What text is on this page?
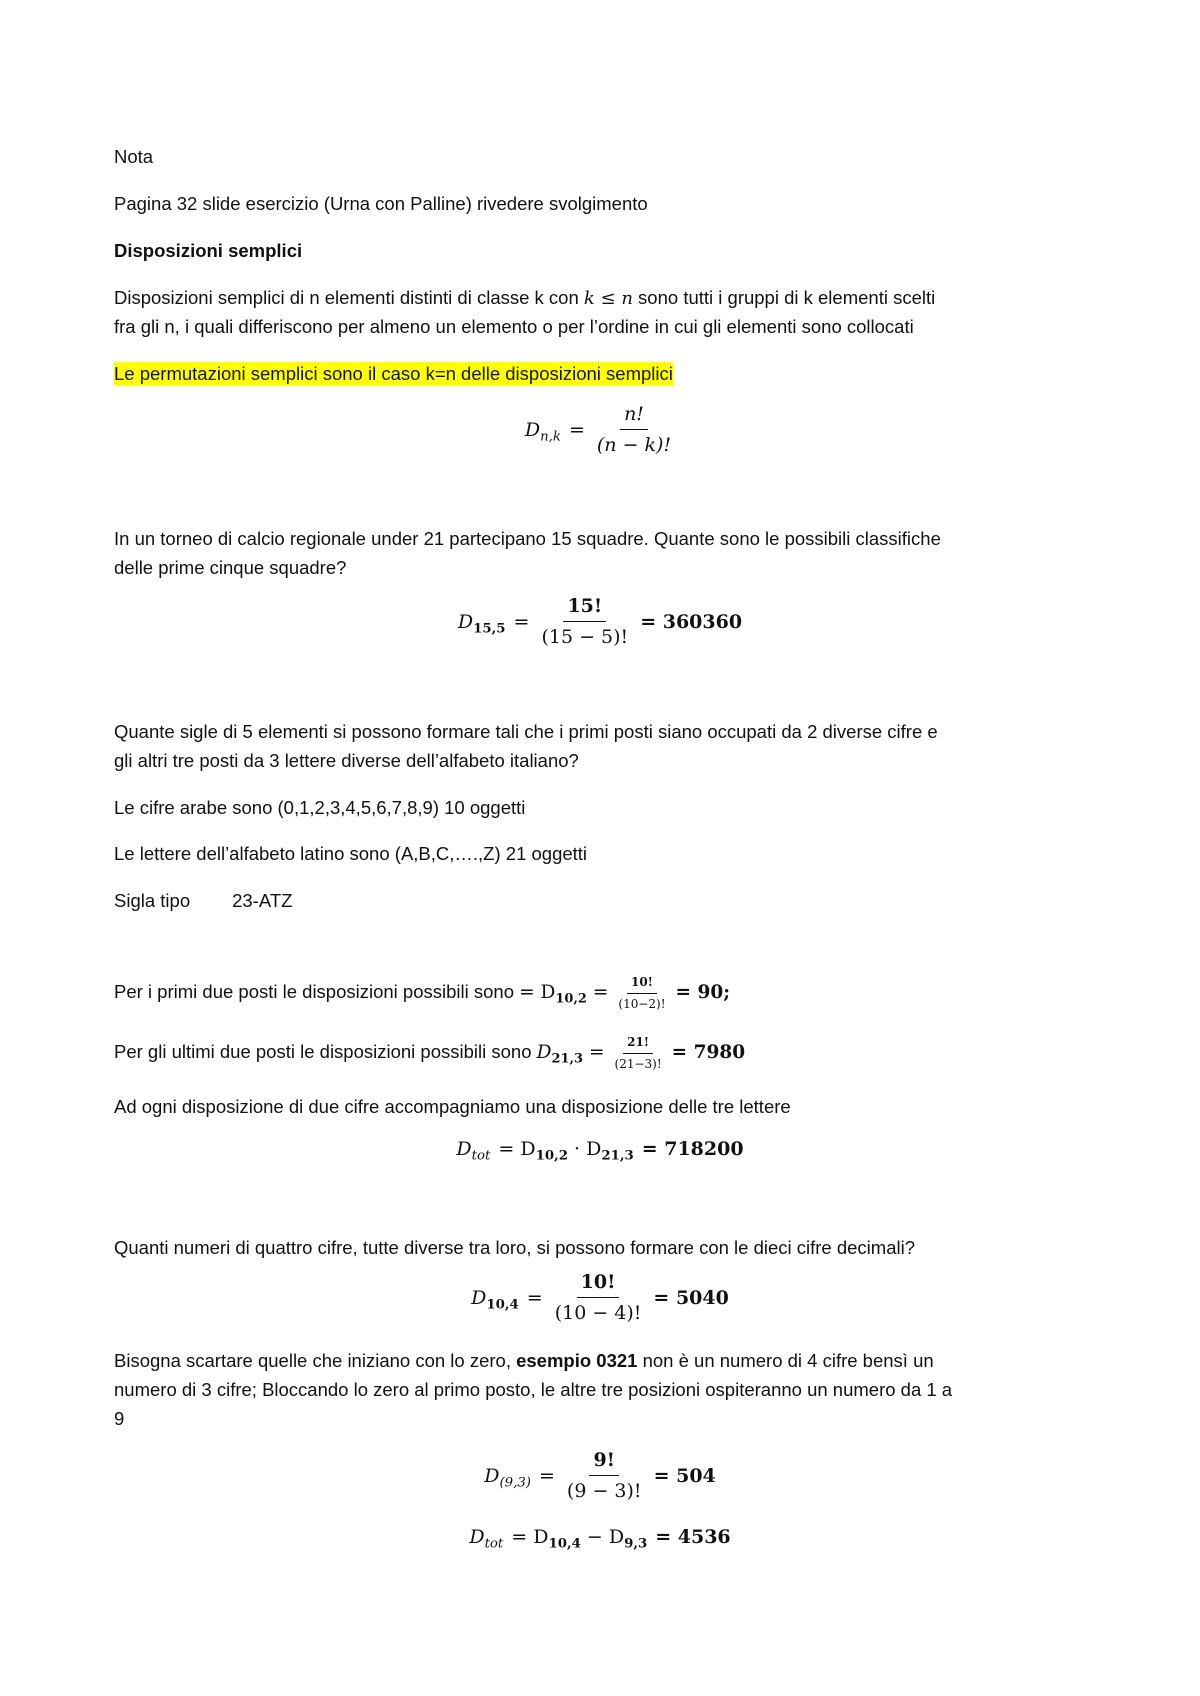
Nota
Pagina 32 slide esercizio (Urna con Palline) rivedere svolgimento
Disposizioni semplici
Disposizioni semplici di n elementi distinti di classe k con k ≤ n sono tutti i gruppi di k elementi scelti
fra gli n, i quali differiscono per almeno un elemento o per l’ordine in cui gli elementi sono collocati
Le permutazioni semplici sono il caso k=n delle disposizioni semplici
$D_{n,k} = \frac{n!}{(n - k)!}$
In un torneo di calcio regionale under 21 partecipano 15 squadre. Quante sono le possibili classifiche
delle prime cinque squadre?
$D_{15,5} = \frac{15!}{(15 - 5)!} = 360360$
Quante sigle di 5 elementi si possono formare tali che i primi posti siano occupati da 2 diverse cifre e
gli altri tre posti da 3 lettere diverse dell’alfabeto italiano?
Le cifre arabe sono (0,1,2,3,4,5,6,7,8,9) 10 oggetti
Le lettere dell’alfabeto latino sono (A,B,C,….,Z) 21 oggetti
Sigla tipo 23-ATZ
Per i primi due posti le disposizioni possibili sono = $D_{10,2} = \frac{10!}{(10-2)!} = 90$;
Per gli ultimi due posti le disposizioni possibili sono $D_{21,3} = \frac{21!}{(21-3)!} = 7980$
Ad ogni disposizione di due cifre accompagniamo una disposizione delle tre lettere
$D_{tot} = D_{10,2} \cdot D_{21,3} = 718200$
Quanti numeri di quattro cifre, tutte diverse tra loro, si possono formare con le dieci cifre decimali?
$D_{10,4} = \frac{10!}{(10 - 4)!} = 5040$
Bisogna scartare quelle che iniziano con lo zero, esempio 0321 non è un numero di 4 cifre bensì un
numero di 3 cifre; Bloccando lo zero al primo posto, le altre tre posizioni ospiteranno un numero da 1 a
9
$D_{(9,3)} = \frac{9!}{(9 - 3)!} = 504$
$D_{tot} = D_{10,4} - D_{9,3} = 4536$
